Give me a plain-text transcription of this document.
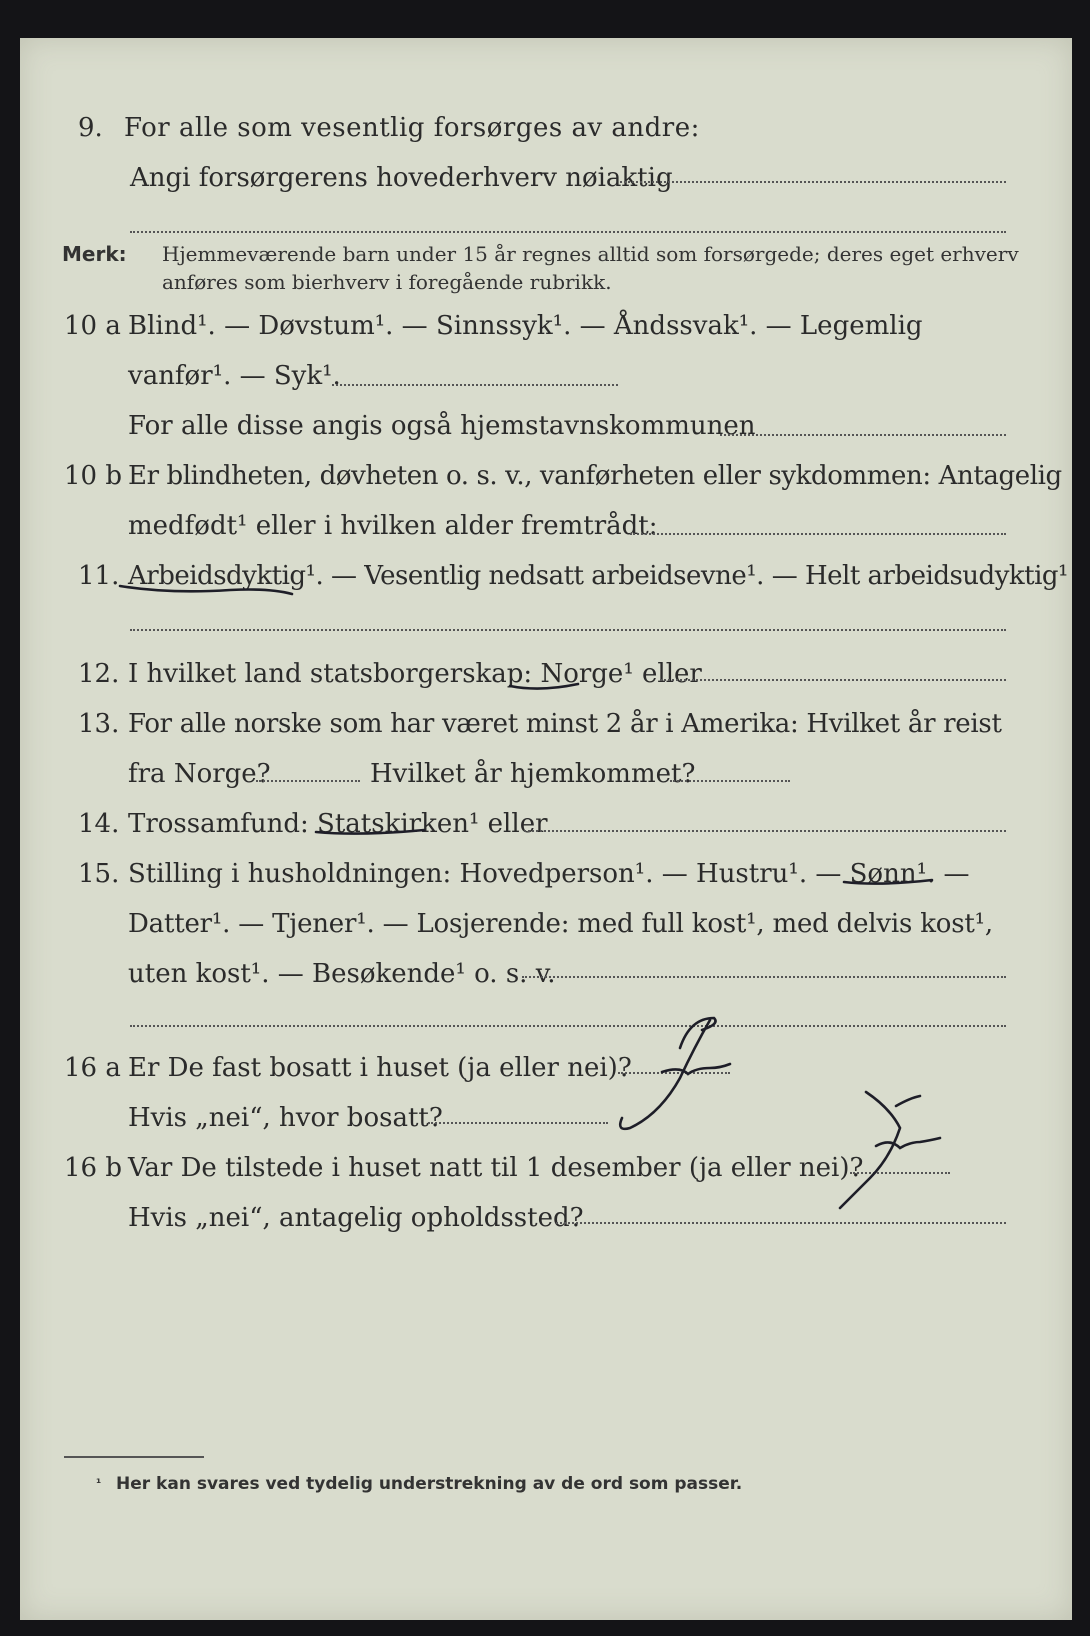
9. For alle som vesentlig forsørges av andre:
Angi forsørgerens hovederhverv nøiaktig
Merk: Hjemmeværende barn under 15 år regnes alltid som forsørgede; deres eget erhverv
anføres som bierhverv i foregående rubrikk.
10 a Blind¹. — Døvstum¹. — Sinnssyk¹. — Åndssvak¹. — Legemlig
vanfør¹. — Syk¹.
For alle disse angis også hjemstavnskommunen
10 b Er blindheten, døvheten o. s. v., vanførheten eller sykdommen: Antagelig
medfødt¹ eller i hvilken alder fremtrådt:
11. Arbeidsdyktig¹. — Vesentlig nedsatt arbeidsevne¹. — Helt arbeidsudyktig¹
12. I hvilket land statsborgerskap: Norge¹ eller
13. For alle norske som har været minst 2 år i Amerika: Hvilket år reist
fra Norge?	Hvilket år hjemkommet?
14. Trossamfund: Statskirken¹ eller
15. Stilling i husholdningen: Hovedperson¹. — Hustru¹. — Sønn¹. —
Datter¹. — Tjener¹. — Losjerende: med full kost¹, med delvis kost¹,
uten kost¹. — Besøkende¹ o. s. v.
16 a Er De fast bosatt i huset (ja eller nei)?
Hvis „nei“, hvor bosatt?
16 b Var De tilstede i huset natt til 1 desember (ja eller nei)?
Hvis „nei“, antagelig opholdssted?
¹ Her kan svares ved tydelig understrekning av de ord som passer.
